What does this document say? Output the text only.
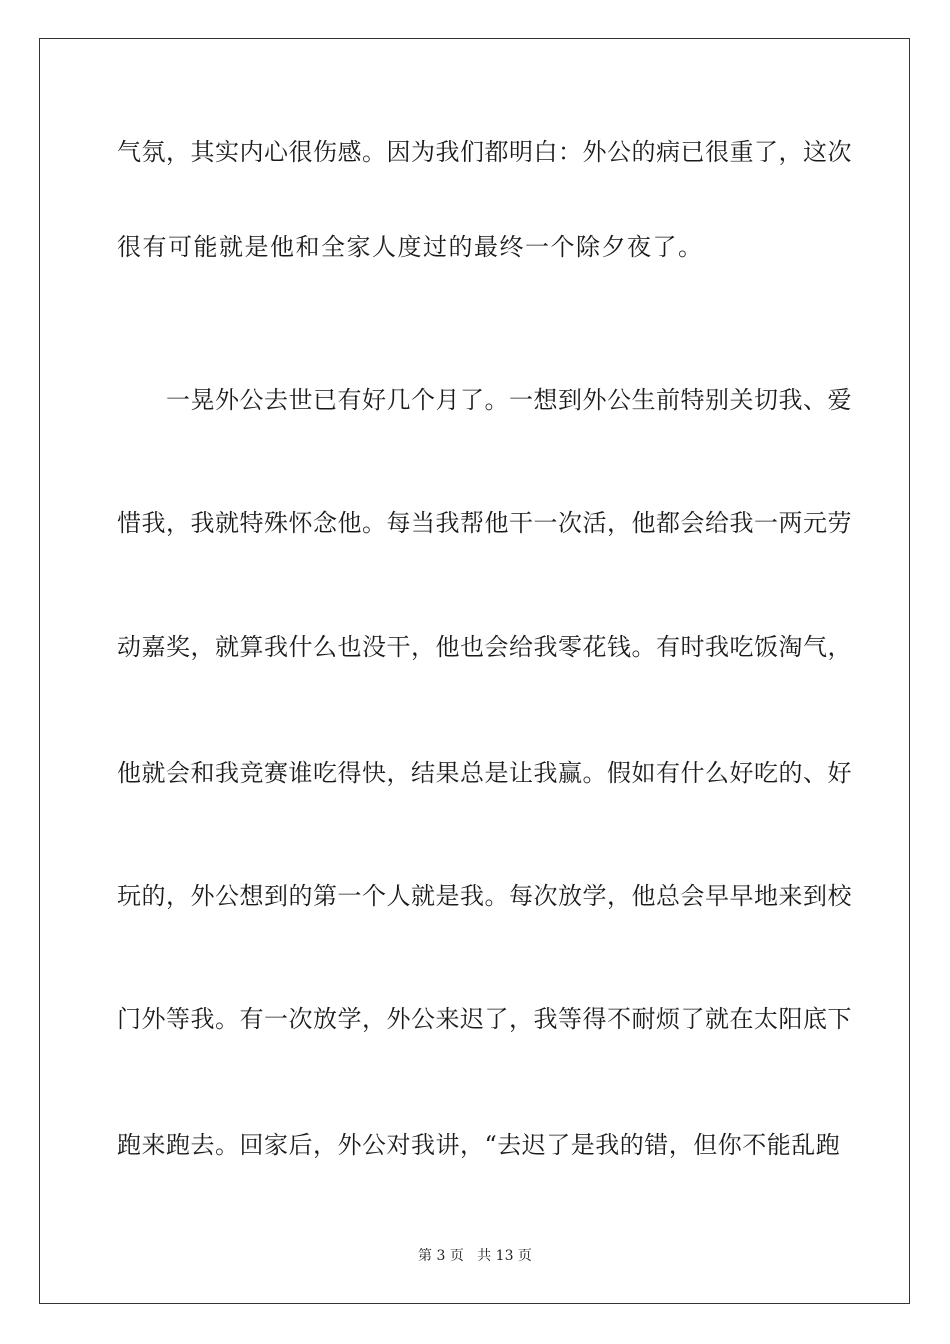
气氛，其实内心很伤感。因为我们都明白：外公的病已很重了，这次
很有可能就是他和全家人度过的最终一个除夕夜了。
　　一晃外公去世已有好几个月了。一想到外公生前特别关切我、爱
惜我，我就特殊怀念他。每当我帮他干一次活，他都会给我一两元劳
动嘉奖，就算我什么也没干，他也会给我零花钱。有时我吃饭淘气，
他就会和我竞赛谁吃得快，结果总是让我赢。假如有什么好吃的、好
玩的，外公想到的第一个人就是我。每次放学，他总会早早地来到校
门外等我。有一次放学，外公来迟了，我等得不耐烦了就在太阳底下
跑来跑去。回家后，外公对我讲，“去迟了是我的错，但你不能乱跑
第 3 页 共 13 页
